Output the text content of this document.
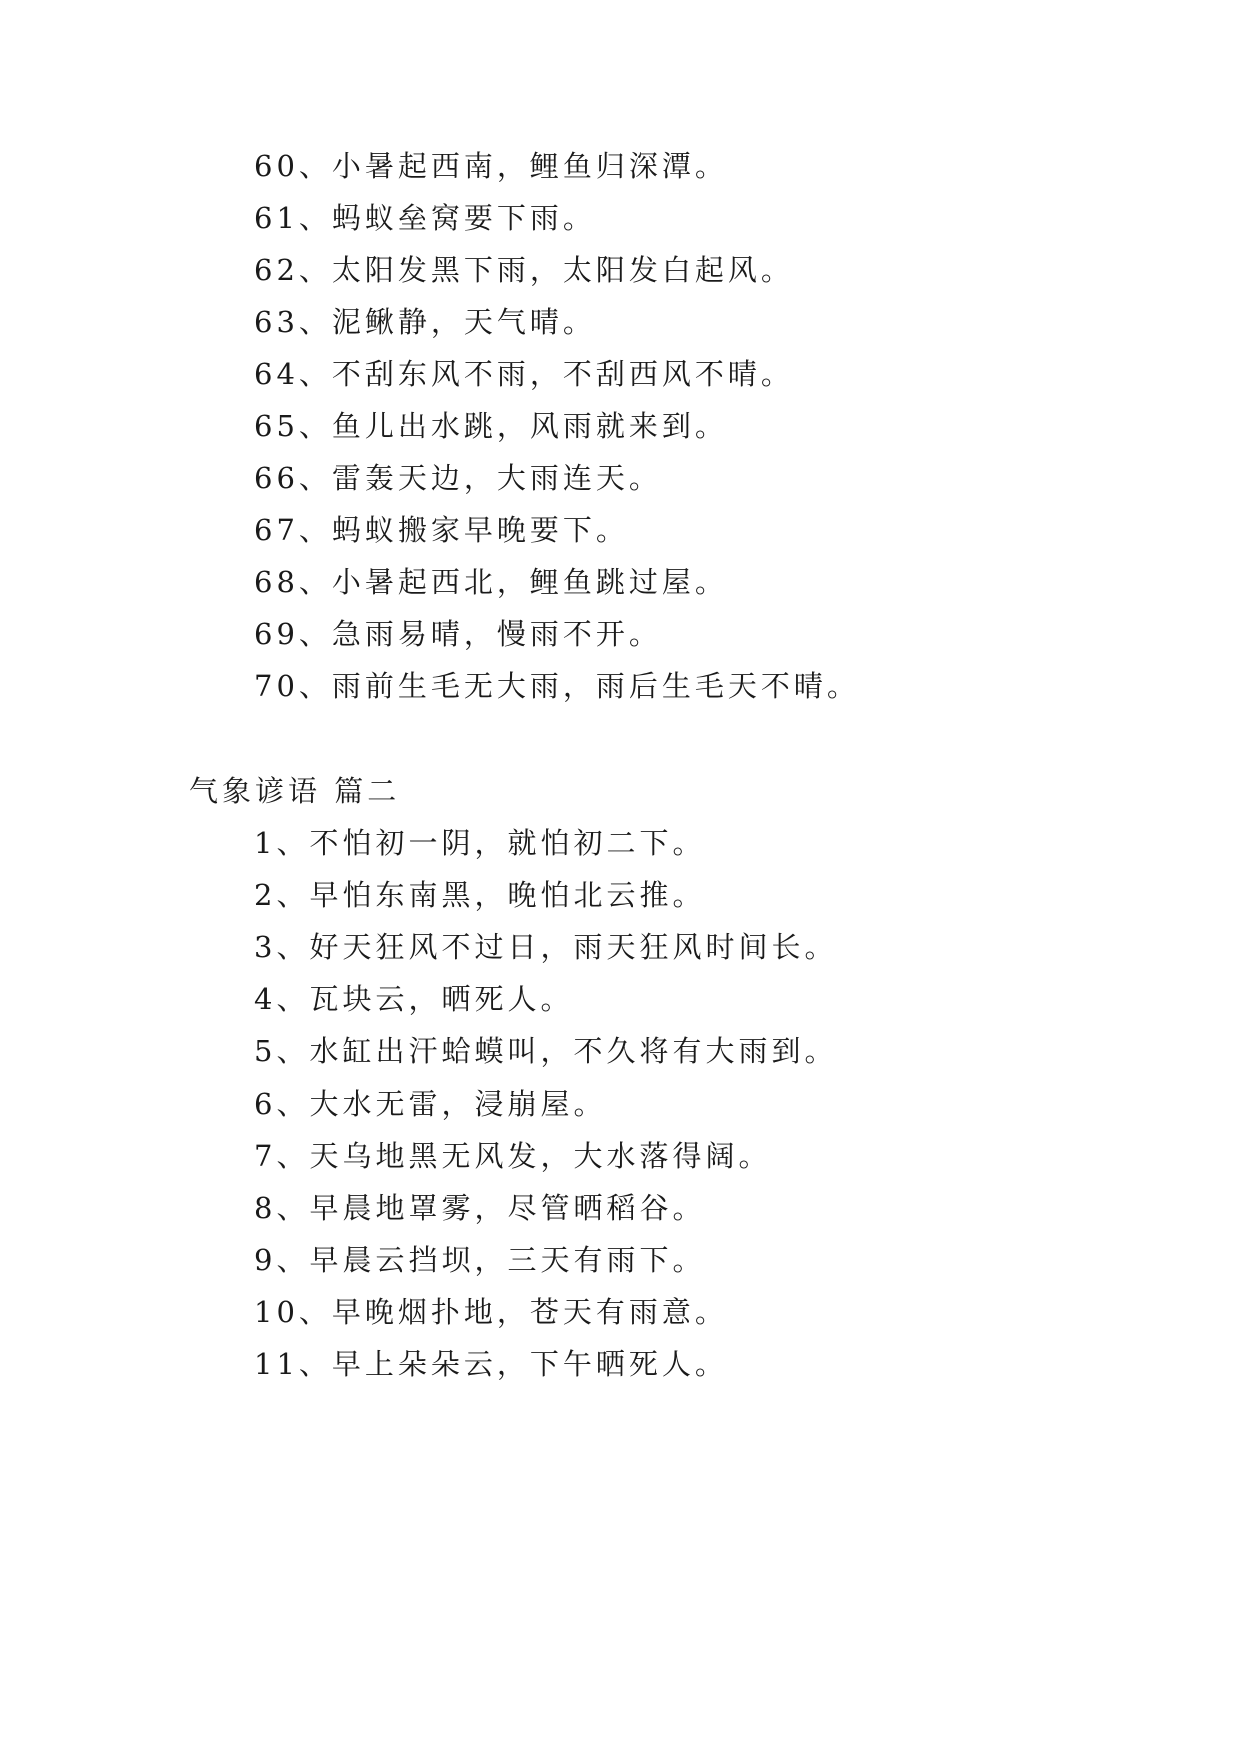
60、小暑起西南，鲤鱼归深潭。
61、蚂蚁垒窝要下雨。
62、太阳发黑下雨，太阳发白起风。
63、泥鳅静，天气晴。
64、不刮东风不雨，不刮西风不晴。
65、鱼儿出水跳，风雨就来到。
66、雷轰天边，大雨连天。
67、蚂蚁搬家早晚要下。
68、小暑起西北，鲤鱼跳过屋。
69、急雨易晴，慢雨不开。
70、雨前生毛无大雨，雨后生毛天不晴。
气象谚语 篇二
1、不怕初一阴，就怕初二下。
2、早怕东南黑，晚怕北云推。
3、好天狂风不过日，雨天狂风时间长。
4、瓦块云，晒死人。
5、水缸出汗蛤蟆叫，不久将有大雨到。
6、大水无雷，浸崩屋。
7、天乌地黑无风发，大水落得阔。
8、早晨地罩雾，尽管晒稻谷。
9、早晨云挡坝，三天有雨下。
10、早晚烟扑地，苍天有雨意。
11、早上朵朵云，下午晒死人。
